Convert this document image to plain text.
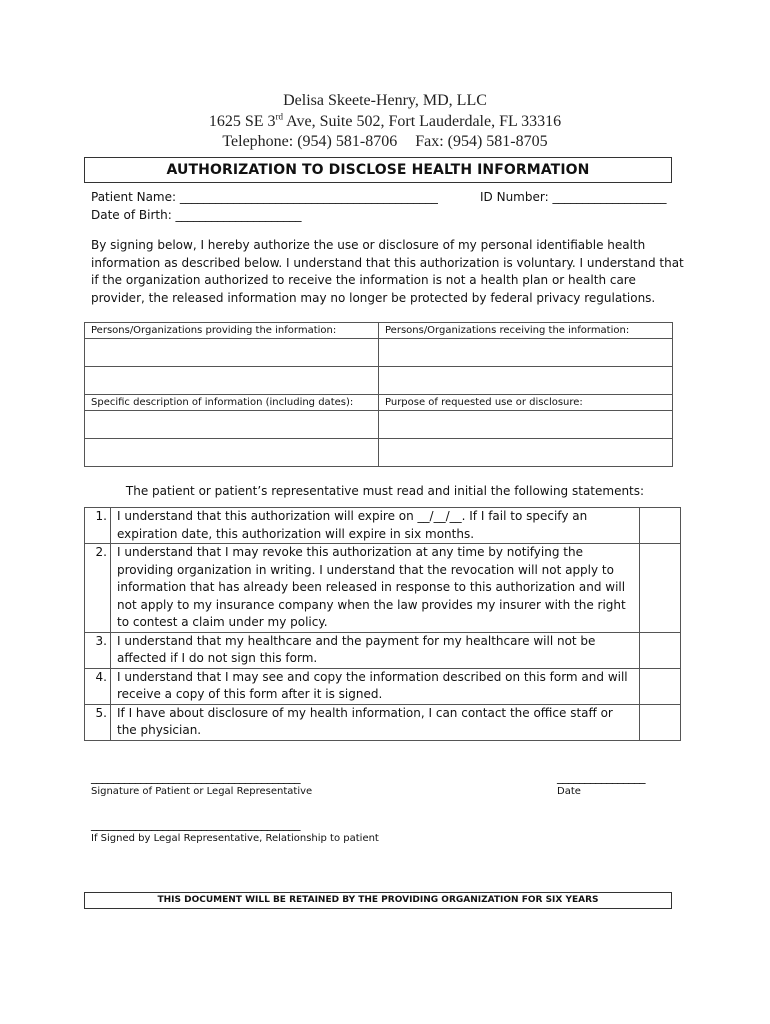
Delisa Skeete-Henry, MD, LLC
1625 SE 3rd Ave, Suite 502, Fort Lauderdale, FL 33316
Telephone: (954) 581-8706 Fax: (954) 581-8705
AUTHORIZATION TO DISCLOSE HEALTH INFORMATION
Patient Name: ___________________________________________	ID Number: ___________________
Date of Birth: _____________________
By signing below, I hereby authorize the use or disclosure of my personal identifiable health information as described below. I understand that this authorization is voluntary. I understand that if the organization authorized to receive the information is not a health plan or health care provider, the released information may no longer be protected by federal privacy regulations.
Persons/Organizations providing the information:	Persons/Organizations receiving the information:

Specific description of information (including dates):	Purpose of requested use or disclosure:

The patient or patient’s representative must read and initial the following statements:
1.	I understand that this authorization will expire on __/__/__. If I fail to specify an expiration date, this authorization will expire in six months.	
2.	I understand that I may revoke this authorization at any time by notifying the providing organization in writing. I understand that the revocation will not apply to information that has already been released in response to this authorization and will not apply to my insurance company when the law provides my insurer with the right to contest a claim under my policy.	
3.	I understand that my healthcare and the payment for my healthcare will not be affected if I do not sign this form.	
4.	I understand that I may see and copy the information described on this form and will receive a copy of this form after it is signed.	
5.	If I have about disclosure of my health information, I can contact the office staff or the physician.	
______________________________________
Signature of Patient or Legal Representative
________________
Date
______________________________________
If Signed by Legal Representative, Relationship to patient
THIS DOCUMENT WILL BE RETAINED BY THE PROVIDING ORGANIZATION FOR SIX YEARS
